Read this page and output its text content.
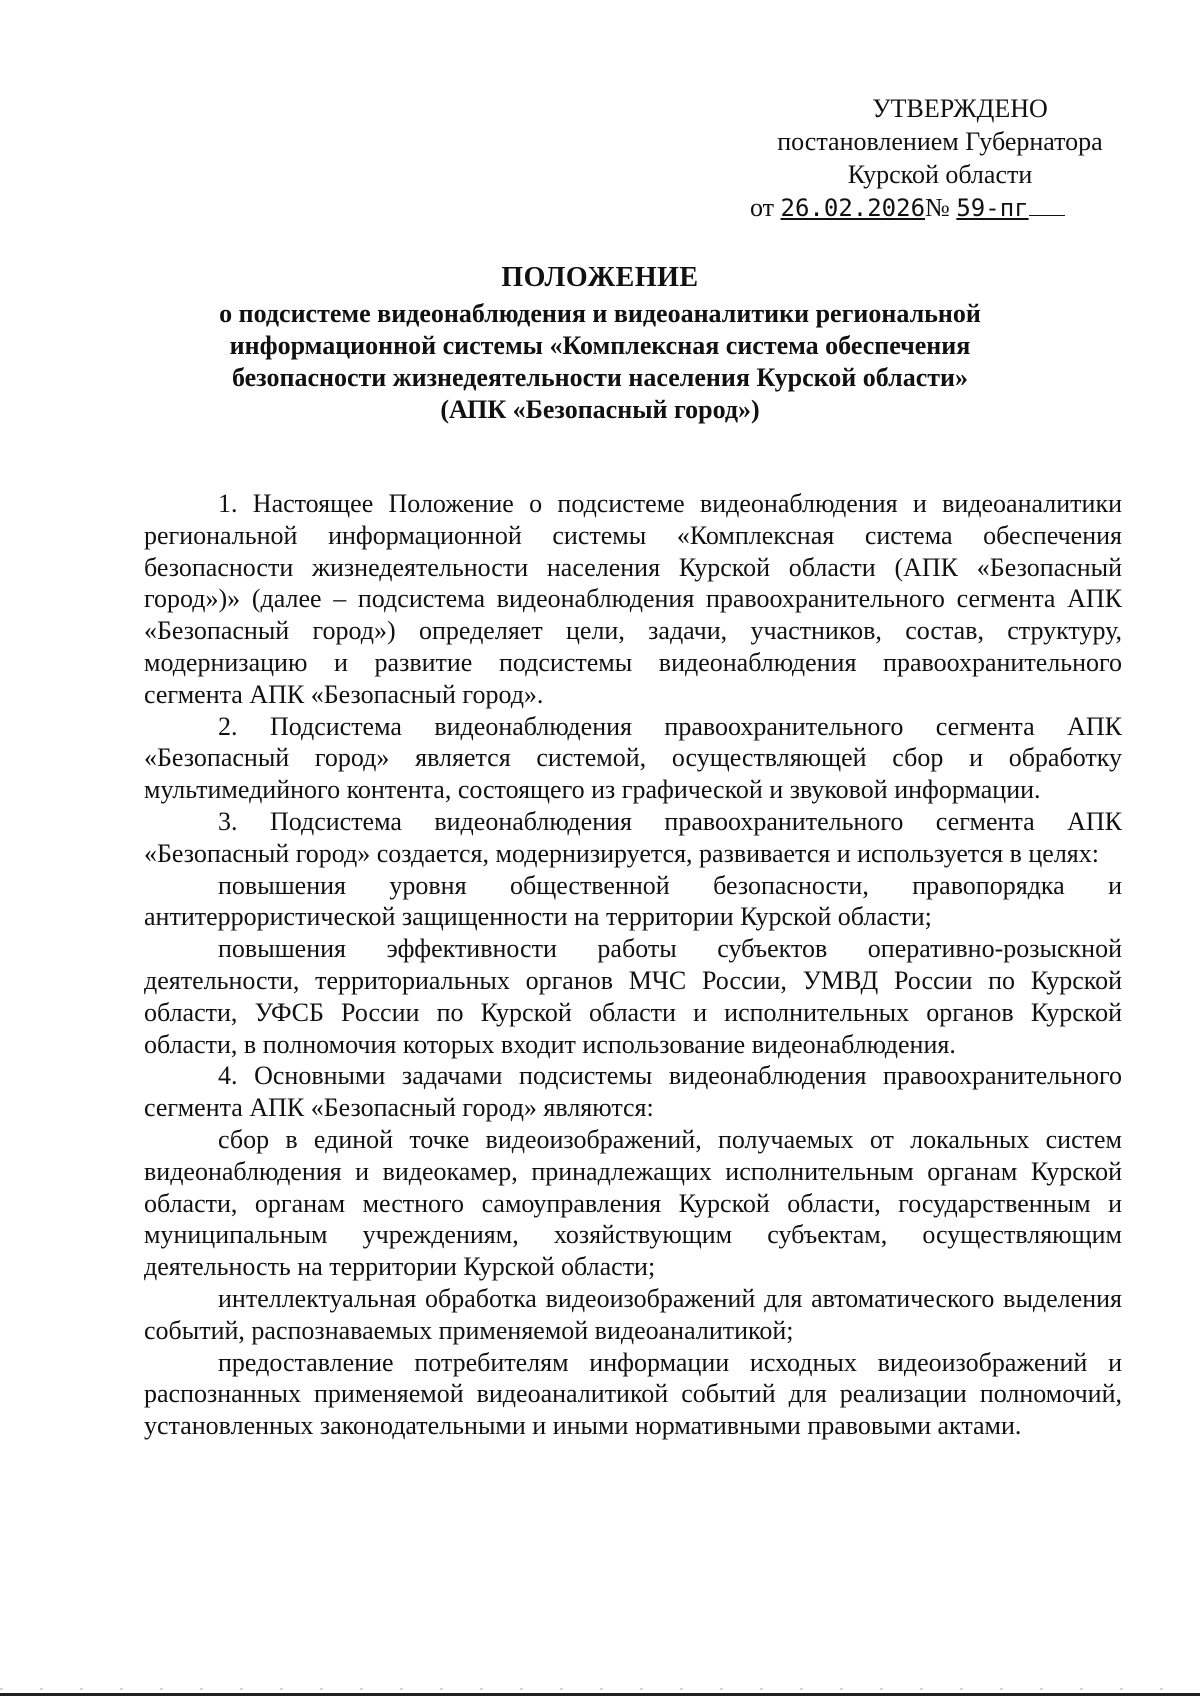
УТВЕРЖДЕНО
постановлением Губернатора
Курской области
от 26.02.2026№ 59-пг
ПОЛОЖЕНИЕ
о подсистеме видеонаблюдения и видеоаналитики региональной
информационной системы «Комплексная система обеспечения
безопасности жизнедеятельности населения Курской области»
(АПК «Безопасный город»)

1. Настоящее Положение о подсистеме видеонаблюдения и видеоаналитики региональной информационной системы «Комплексная система обеспечения безопасности жизнедеятельности населения Курской области (АПК «Безопасный город»)» (далее – подсистема видеонаблюдения правоохранительного сегмента АПК «Безопасный город») определяет цели, задачи, участников, состав, структуру, модернизацию и развитие подсистемы видеонаблюдения правоохранительного сегмента АПК «Безопасный город».

2. Подсистема видеонаблюдения правоохранительного сегмента АПК «Безопасный город» является системой, осуществляющей сбор и обработку мультимедийного контента, состоящего из графической и звуковой информации.

3. Подсистема видеонаблюдения правоохранительного сегмента АПК «Безопасный город» создается, модернизируется, развивается и используется в целях:

повышения уровня общественной безопасности, правопорядка и антитеррористической защищенности на территории Курской области;

повышения эффективности работы субъектов оперативно-розыскной деятельности, территориальных органов МЧС России, УМВД России по Курской области, УФСБ России по Курской области и исполнительных органов Курской области, в полномочия которых входит использование видеонаблюдения.

4. Основными задачами подсистемы видеонаблюдения правоохранительного сегмента АПК «Безопасный город» являются:

сбор в единой точке видеоизображений, получаемых от локальных систем видеонаблюдения и видеокамер, принадлежащих исполнительным органам Курской области, органам местного самоуправления Курской области, государственным и муниципальным учреждениям, хозяйствующим субъектам, осуществляющим деятельность на территории Курской области;

интеллектуальная обработка видеоизображений для автоматического выделения событий, распознаваемых применяемой видеоаналитикой;

предоставление потребителям информации исходных видеоизображений и распознанных применяемой видеоаналитикой событий для реализации полномочий, установленных законодательными и иными нормативными правовыми актами.
